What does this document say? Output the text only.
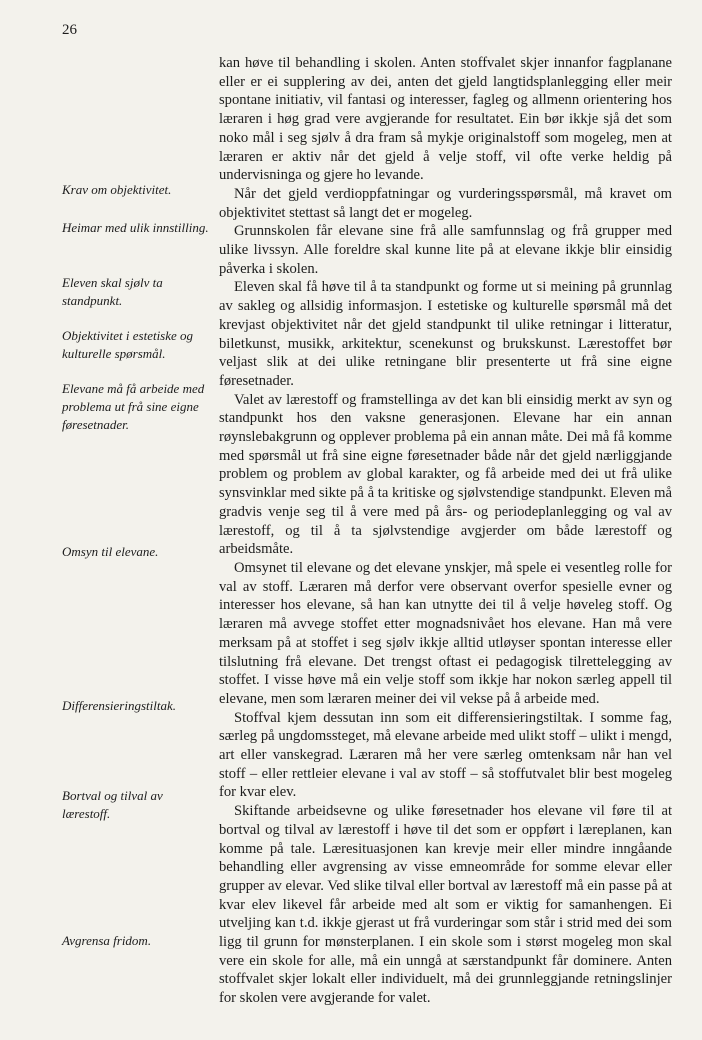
26
Krav om objektivitet.
Heimar med ulik innstilling.
Eleven skal sjølv ta standpunkt.
Objektivitet i estetiske og kulturelle spørsmål.
Elevane må få arbeide med problema ut frå sine eigne føresetnader.
Omsyn til elevane.
Differensieringstiltak.
Bortval og tilval av lærestoff.
Avgrensa fridom.

kan høve til behandling i skolen. Anten stoffvalet skjer innanfor fagplanane eller er ei supplering av dei, anten det gjeld langtidsplanlegging eller meir spontane initiativ, vil fantasi og interesser, fagleg og allmenn orientering hos læraren i høg grad vere avgjerande for resultatet. Ein bør ikkje sjå det som noko mål i seg sjølv å dra fram så mykje originalstoff som mogeleg, men at læraren er aktiv når det gjeld å velje stoff, vil ofte verke heldig på undervisninga og gjere ho levande.

Når det gjeld verdioppfatningar og vurderingsspørsmål, må kravet om objektivitet stettast så langt det er mogeleg.

Grunnskolen får elevane sine frå alle samfunnslag og frå grupper med ulike livssyn. Alle foreldre skal kunne lite på at elevane ikkje blir einsidig påverka i skolen.

Eleven skal få høve til å ta standpunkt og forme ut si meining på grunnlag av sakleg og allsidig informasjon. I estetiske og kulturelle spørsmål må det krevjast objektivitet når det gjeld standpunkt til ulike retningar i litteratur, biletkunst, musikk, arkitektur, scenekunst og brukskunst. Lærestoffet bør veljast slik at dei ulike retningane blir presenterte ut frå sine eigne føresetnader.

Valet av lærestoff og framstellinga av det kan bli einsidig merkt av syn og standpunkt hos den vaksne generasjonen. Elevane har ein annan røynslebakgrunn og opplever problema på ein annan måte. Dei må få komme med spørsmål ut frå sine eigne føresetnader både når det gjeld nærliggjande problem og problem av global karakter, og få arbeide med dei ut frå ulike synsvinklar med sikte på å ta kritiske og sjølvstendige standpunkt. Eleven må gradvis venje seg til å vere med på års- og periodeplanlegging og val av lærestoff, og til å ta sjølvstendige avgjerder om både lærestoff og arbeidsmåte.

Omsynet til elevane og det elevane ynskjer, må spele ei vesentleg rolle for val av stoff. Læraren må derfor vere observant overfor spesielle evner og interesser hos elevane, så han kan utnytte dei til å velje høveleg stoff. Og læraren må avvege stoffet etter mognadsnivået hos elevane. Han må vere merksam på at stoffet i seg sjølv ikkje alltid utløyser spontan interesse eller tilslutning frå elevane. Det trengst oftast ei pedagogisk tilrettelegging av stoffet. I visse høve må ein velje stoff som ikkje har nokon særleg appell til elevane, men som læraren meiner dei vil vekse på å arbeide med.

Stoffval kjem dessutan inn som eit differensieringstiltak. I somme fag, særleg på ungdomssteget, må elevane arbeide med ulikt stoff – ulikt i mengd, art eller vanskegrad. Læraren må her vere særleg omtenksam når han vel stoff – eller rettleier elevane i val av stoff – så stoffutvalet blir best mogeleg for kvar elev.

Skiftande arbeidsevne og ulike føresetnader hos elevane vil føre til at bortval og tilval av lærestoff i høve til det som er oppført i læreplanen, kan komme på tale. Læresituasjonen kan krevje meir eller mindre inngåande behandling eller avgrensing av visse emneområde for somme elevar eller grupper av elevar. Ved slike tilval eller bortval av lærestoff må ein passe på at kvar elev likevel får arbeide med alt som er viktig for samanhengen. Ei utveljing kan t.d. ikkje gjerast ut frå vurderingar som står i strid med dei som ligg til grunn for mønsterplanen. I ein skole som i størst mogeleg mon skal vere ein skole for alle, må ein unngå at særstandpunkt får dominere. Anten stoffvalet skjer lokalt eller individuelt, må dei grunnleggjande retningslinjer for skolen vere avgjerande for valet.
